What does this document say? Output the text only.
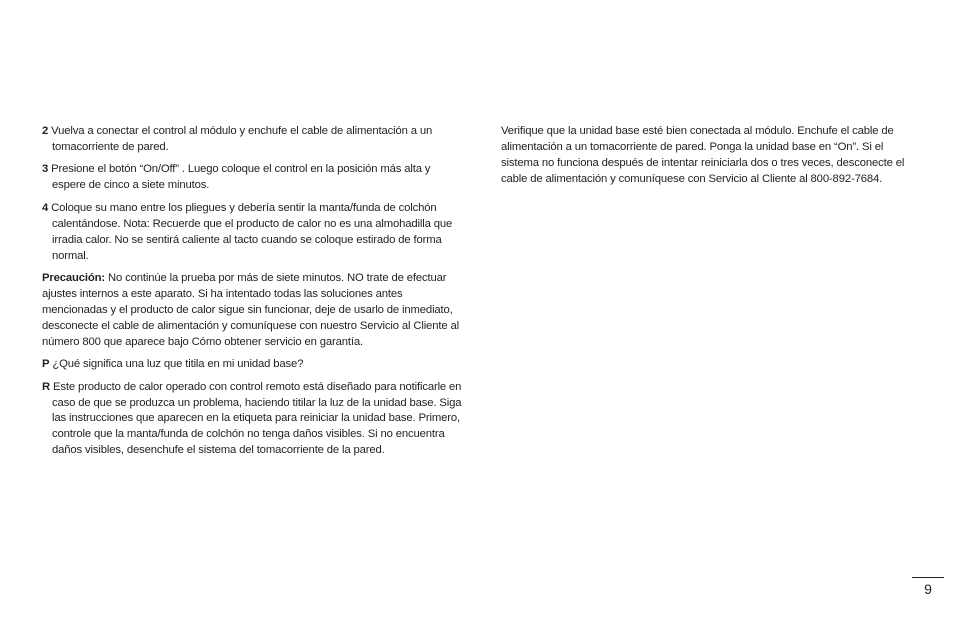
2 Vuelva a conectar el control al módulo y enchufe el cable de alimentación a un tomacorriente de pared.

3 Presione el botón “On/Off” . Luego coloque el control en la posición más alta y espere de cinco a siete minutos.

4 Coloque su mano entre los pliegues y debería sentir la manta/funda de colchón calentándose. Nota: Recuerde que el producto de calor no es una almohadilla que irradia calor. No se sentirá caliente al tacto cuando se coloque estirado de forma normal.

Precaución: No continúe la prueba por más de siete minutos. NO trate de efectuar ajustes internos a este aparato. Si ha intentado todas las soluciones antes mencionadas y el producto de calor sigue sin funcionar, deje de usarlo de inmediato, desconecte el cable de alimentación y comuníquese con nuestro Servicio al Cliente al número 800 que aparece bajo Cómo obtener servicio en garantía.

P ¿Qué significa una luz que titila en mi unidad base?

R Este producto de calor operado con control remoto está diseñado para notificarle en caso de que se produzca un problema, haciendo titilar la luz de la unidad base. Siga las instrucciones que aparecen en la etiqueta para reiniciar la unidad base. Primero, controle que la manta/funda de colchón no tenga daños visibles. Si no encuentra daños visibles, desenchufe el sistema del tomacorriente de la pared.

Verifique que la unidad base esté bien conectada al módulo. Enchufe el cable de alimentación a un tomacorriente de pared. Ponga la unidad base en “On”. Si el sistema no funciona después de intentar reiniciarla dos o tres veces, desconecte el cable de alimentación y comuníquese con Servicio al Cliente al 800-892-7684.

9
